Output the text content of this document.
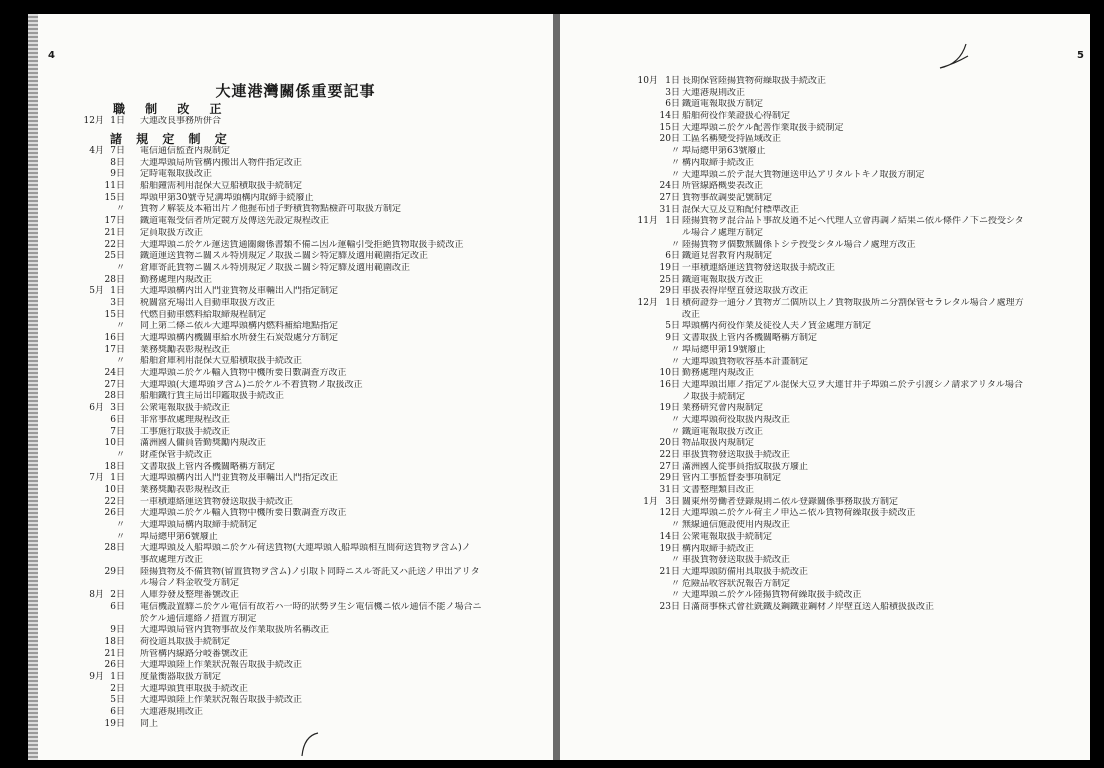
4
大連港灣關係重要記事
職 制 改 正
12月 1日 大連改良事務所併合
諸 規 定 制 定
4月 7日 電信通信監査内規制定
8日 大連埠頭局所管構内搬出入物件指定改正
9日 定時電報取扱改正
11日 船舶鐘需利用混保大豆船積取扱手続制定
15日 埠頭甲第30號寺兒溝埠頭構内取締手続廢止
〃 貨物ノ解装及本箱出片ノ他握布団子野積貨物點檢許可取扱方制定
17日 鐵道電報受信者所定競方及傳送先設定規程改正
21日 定員取扱方改正
22日 大連埠頭ニ於ケル運送貨通關爾係書類不備ニ因ル運輸引受拒絶貨物取扱手続改正
25日 鐵道運送貨物ニ關スル特別規定ノ取扱ニ關シ特定驛及適用範圍指定改正
〃 倉庫寄託貨物ニ關スル特別規定ノ取扱ニ關シ特定驛及適用範圍改正
28日 勤務處理内規改正
5月 1日 大連埠頭構内出入門並貨物及車輛出入門指定制定
3日 税關當充場出入自動車取扱方改正
15日 代燃自動車燃料給取締規程制定
〃 同上第二條ニ依ル大連埠頭構内燃料補給地點指定
16日 大連埠頭構内機關車給水所發生石炭殻處分方制定
17日 業務獎勵表彰規程改正
〃 船舶倉庫利用混保大豆船積取扱手続改正
24日 大連埠頭ニ於ケル輸入貨物中機所要日數調査方改正
27日 大連埠頭(大連埠頭ヲ含ム)ニ於ケル不着貨物ノ取扱改正
28日 船舶鐵行貨主局出印鑑取扱手続改正
6月 3日 公衆電報取扱手続改正
6日 非常事故處理規程改正
7日 工事施行取扱手続改正
10日 滿洲國人傭員皆勤獎勵内規改正
〃 財產保管手続改正
18日 文書取扱上管内各機關略稱方制定
7月 1日 大連埠頭構内出入門並貨物及車輛出入門指定改正
10日 業務獎勵表彰規程改正
22日 一車積連絡運送貨物發送取扱手続改正
26日 大連埠頭ニ於ケル輸入貨物中機所要日數調査方改正
〃 大連埠頭局構内取締手続制定
〃 埠局總甲第6號廢止
28日 大連埠頭及入船埠頭ニ於ケル荷送貨物(大連埠頭入船埠頭相互間荷送貨物ヲ含ム)ノ
事故處理方改正
29日 陸揚貨物及不備貨物(留置貨物ヲ含ム)ノ引取ト同時ニスル寄託又ハ託送ノ申出アリタ
ル場合ノ料金收受方制定
8月 2日 入庫券發及整理番號改正
6日 電信機設置驛ニ於ケル電信有故若ハ一時的狀勢ヲ生シ電信機ニ依ル通信不能ノ場合ニ
於ケル通信連絡ノ措置方制定
9日 大連埠頭局管内貨物事故及作業取扱所名稱改正
18日 荷役道具取扱手続制定
21日 所管構内線路分岐番號改正
26日 大連埠頭陸上作業狀況報告取扱手続改正
9月 1日 度量衡器取扱方制定
2日 大連埠頭貨車取扱手続改正
5日 大連埠頭陸上作業狀況報告取扱手続改正
6日 大連港規則改正
19日 同上
5
10月 1日 長期保管陸揚貨物荷繰取扱手続改正
3日 大連港規則改正
6日 鐵道電報取扱方制定
14日 船舶荷役作業證扱心得制定
15日 大連埠頭ニ於ケル配善作業取扱手続制定
20日 工區名稱變受持區域改正
〃 埠局總甲第63號廢止
〃 構内取締手続改正
〃 大連埠頭ニ於テ混大貨物運送申込アリタルトキノ取扱方制定
24日 所管線路概要表改正
27日 貨物事故調要記號制定
31日 混保大豆及豆粕配付標準改正
11月 1日 陸揚貨物ヲ混合品ト事故及過不足ヘ代理人立會再調ノ結果ニ依ル條件ノ下ニ授受シタ
ル場合ノ處理方制定
〃 陸揚貨物ヲ個數無關係トシテ授受シタル場合ノ處理方改正
6日 鐵道見習教育内規制定
19日 一車積連絡運送貨物發送取扱手続改正
25日 鐵道電報取扱方改正
29日 車扱表得岸壁直發送取扱方改正
12月 1日 積荷證券一通分ノ貨物ガ二個所以上ノ貨物取扱所ニ分割保管セラレタル場合ノ處理方
改正
5日 埠頭構内荷役作業及徒役人夫ノ賃金處理方制定
9日 文書取扱上管内各機關略稱方制定
〃 埠局總甲第19號廢止
〃 大連埠頭貨物收容基本計畫制定
10日 勤務處理内規改正
16日 大連埠頭出庫ノ指定アル混保大豆ヲ大連甘井子埠頭ニ於テ引渡シノ請求アリタル場合
ノ取扱手続制定
19日 業務研究會内規制定
〃 大連埠頭荷役取扱内規改正
〃 鐵道電報取扱方改正
20日 物品取扱内規制定
22日 車扱貨物發送取扱手続改正
27日 滿洲國人從事員指紋取扱方廢止
29日 管内工事監督委事項制定
31日 文書整理類目改正
1月 3日 關東州勞働者登錄規則ニ依ル登錄關係事務取扱方制定
12日 大連埠頭ニ於ケル荷主ノ申込ニ依ル貨物荷繰取扱手続改正
〃 無線通信施設使用内規改正
14日 公衆電報取扱手続制定
19日 構内取締手続改正
〃 車扱貨物發送取扱手続改正
21日 大連埠頭防備用具取扱手続改正
〃 危險品收容狀況報告方制定
〃 大連埠頭ニ於ケル陸揚貨物荷繰取扱手続改正
23日 日滿商事株式會社銑鐵及鋼鐵並鋼材ノ岸壁直送入船積扱扱改正
